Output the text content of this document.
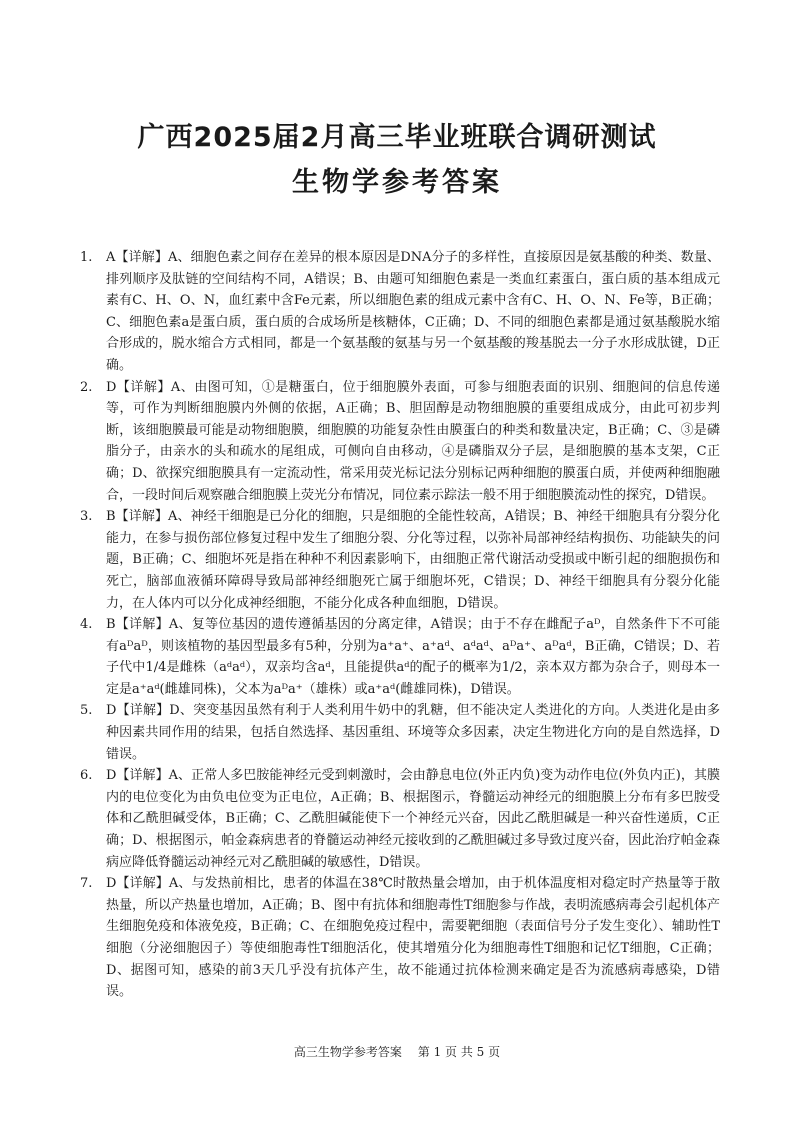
广西2025届2月高三毕业班联合调研测试
生物学参考答案
1. A【详解】A、细胞色素之间存在差异的根本原因是DNA分子的多样性，直接原因是氨基酸的种类、数量、排列顺序及肽链的空间结构不同，A错误；B、由题可知细胞色素是一类血红素蛋白，蛋白质的基本组成元素有C、H、O、N，血红素中含Fe元素，所以细胞色素的组成元素中含有C、H、O、N、Fe等，B正确；C、细胞色素a是蛋白质，蛋白质的合成场所是核糖体，C正确；D、不同的细胞色素都是通过氨基酸脱水缩合形成的，脱水缩合方式相同，都是一个氨基酸的氨基与另一个氨基酸的羧基脱去一分子水形成肽键，D正确。
2. D【详解】A、由图可知，①是糖蛋白，位于细胞膜外表面，可参与细胞表面的识别、细胞间的信息传递等，可作为判断细胞膜内外侧的依据，A正确；B、胆固醇是动物细胞膜的重要组成成分，由此可初步判断，该细胞膜最可能是动物细胞膜，细胞膜的功能复杂性由膜蛋白的种类和数量决定，B正确；C、③是磷脂分子，由亲水的头和疏水的尾组成，可侧向自由移动，④是磷脂双分子层，是细胞膜的基本支架，C正确；D、欲探究细胞膜具有一定流动性，常采用荧光标记法分别标记两种细胞的膜蛋白质，并使两种细胞融合，一段时间后观察融合细胞膜上荧光分布情况，同位素示踪法一般不用于细胞膜流动性的探究，D错误。
3. B【详解】A、神经干细胞是已分化的细胞，只是细胞的全能性较高，A错误；B、神经干细胞具有分裂分化能力，在参与损伤部位修复过程中发生了细胞分裂、分化等过程，以弥补局部神经结构损伤、功能缺失的问题，B正确；C、细胞坏死是指在种种不利因素影响下，由细胞正常代谢活动受损或中断引起的细胞损伤和死亡，脑部血液循环障碍导致局部神经细胞死亡属于细胞坏死，C错误；D、神经干细胞具有分裂分化能力，在人体内可以分化成神经细胞，不能分化成各种血细胞，D错误。
4. B【详解】A、复等位基因的遗传遵循基因的分离定律，A错误；由于不存在雌配子aᴰ，自然条件下不可能有aᴰaᴰ，则该植物的基因型最多有5种，分别为a⁺a⁺、a⁺aᵈ、aᵈaᵈ、aᴰa⁺、aᴰaᵈ，B正确，C错误；D、若子代中1/4是雌株（aᵈaᵈ），双亲均含aᵈ，且能提供aᵈ的配子的概率为1/2，亲本双方都为杂合子，则母本一定是a⁺aᵈ(雌雄同株)，父本为aᴰa⁺（雄株）或a⁺aᵈ(雌雄同株)，D错误。
5. D【详解】D、突变基因虽然有利于人类利用牛奶中的乳糖，但不能决定人类进化的方向。人类进化是由多种因素共同作用的结果，包括自然选择、基因重组、环境等众多因素，决定生物进化方向的是自然选择，D错误。
6. D【详解】A、正常人多巴胺能神经元受到刺激时，会由静息电位(外正内负)变为动作电位(外负内正)，其膜内的电位变化为由负电位变为正电位，A正确；B、根据图示，脊髓运动神经元的细胞膜上分布有多巴胺受体和乙酰胆碱受体，B正确；C、乙酰胆碱能使下一个神经元兴奋，因此乙酰胆碱是一种兴奋性递质，C正确；D、根据图示，帕金森病患者的脊髓运动神经元接收到的乙酰胆碱过多导致过度兴奋，因此治疗帕金森病应降低脊髓运动神经元对乙酰胆碱的敏感性，D错误。
7. D【详解】A、与发热前相比，患者的体温在38℃时散热量会增加，由于机体温度相对稳定时产热量等于散热量，所以产热量也增加，A正确；B、图中有抗体和细胞毒性T细胞参与作战，表明流感病毒会引起机体产生细胞免疫和体液免疫，B正确；C、在细胞免疫过程中，需要靶细胞（表面信号分子发生变化）、辅助性T细胞（分泌细胞因子）等使细胞毒性T细胞活化，使其增殖分化为细胞毒性T细胞和记忆T细胞，C正确；D、据图可知，感染的前3天几乎没有抗体产生，故不能通过抗体检测来确定是否为流感病毒感染，D错误。
高三生物学参考答案 第 1 页 共 5 页
